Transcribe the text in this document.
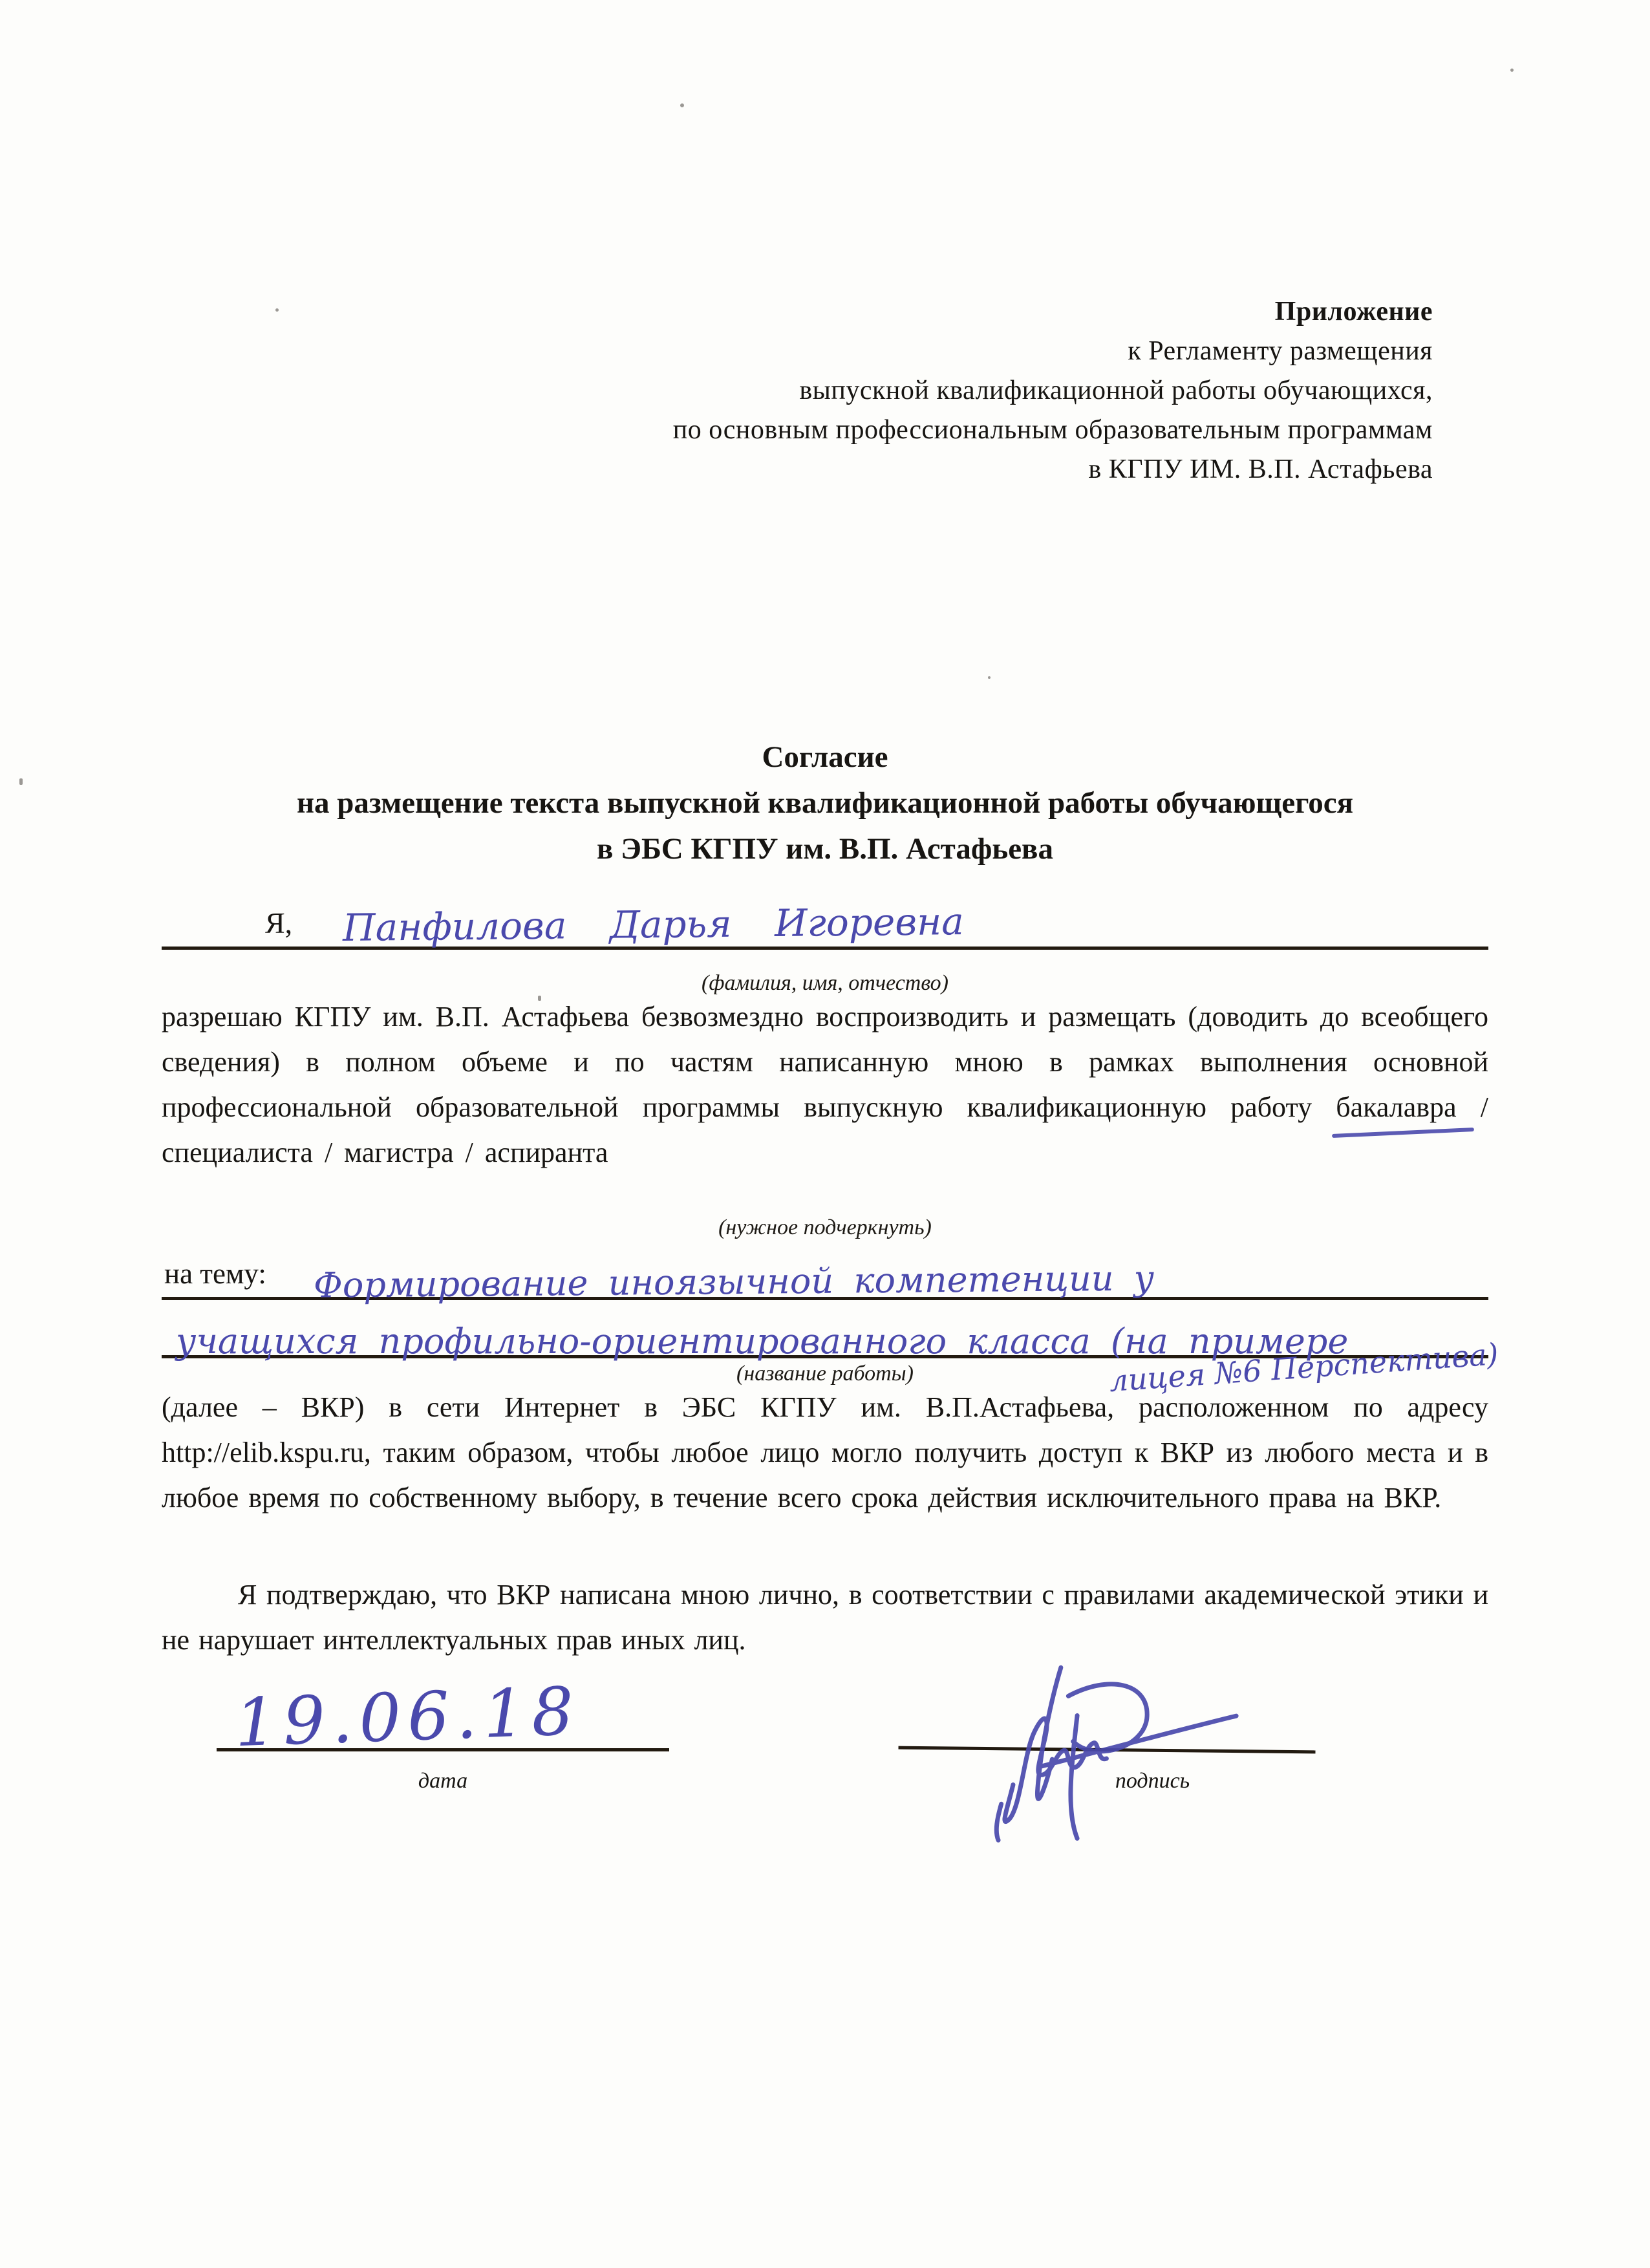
Приложение
к Регламенту размещения
выпускной квалификационной работы обучающихся,
по основным профессиональным образовательным программам
в КГПУ ИМ. В.П. Астафьева
Согласие
на размещение текста выпускной квалификационной работы обучающегося
в ЭБС КГПУ им. В.П. Астафьева
Я, Панфилова Дарья Игоревна
(фамилия, имя, отчество)
разрешаю КГПУ им. В.П. Астафьева безвозмездно воспроизводить и размещать (доводить до всеобщего сведения) в полном объеме и по частям написанную мною в рамках выполнения основной профессиональной образовательной программы выпускную квалификационную работу бакалавра / специалиста / магистра / аспиранта
(нужное подчеркнуть)
на тему: Формирование иноязычной компетенции у
учащихся профильно-ориентированного класса (на примере
(название работы)	лицея №6 Перспектива)
(далее – ВКР) в сети Интернет в ЭБС КГПУ им. В.П.Астафьева, расположенном по адресу http://elib.kspu.ru, таким образом, чтобы любое лицо могло получить доступ к ВКР из любого места и в любое время по собственному выбору, в течение всего срока действия исключительного права на ВКР.
Я подтверждаю, что ВКР написана мною лично, в соответствии с правилами академической этики и не нарушает интеллектуальных прав иных лиц.
19.06.18
дата	подпись
